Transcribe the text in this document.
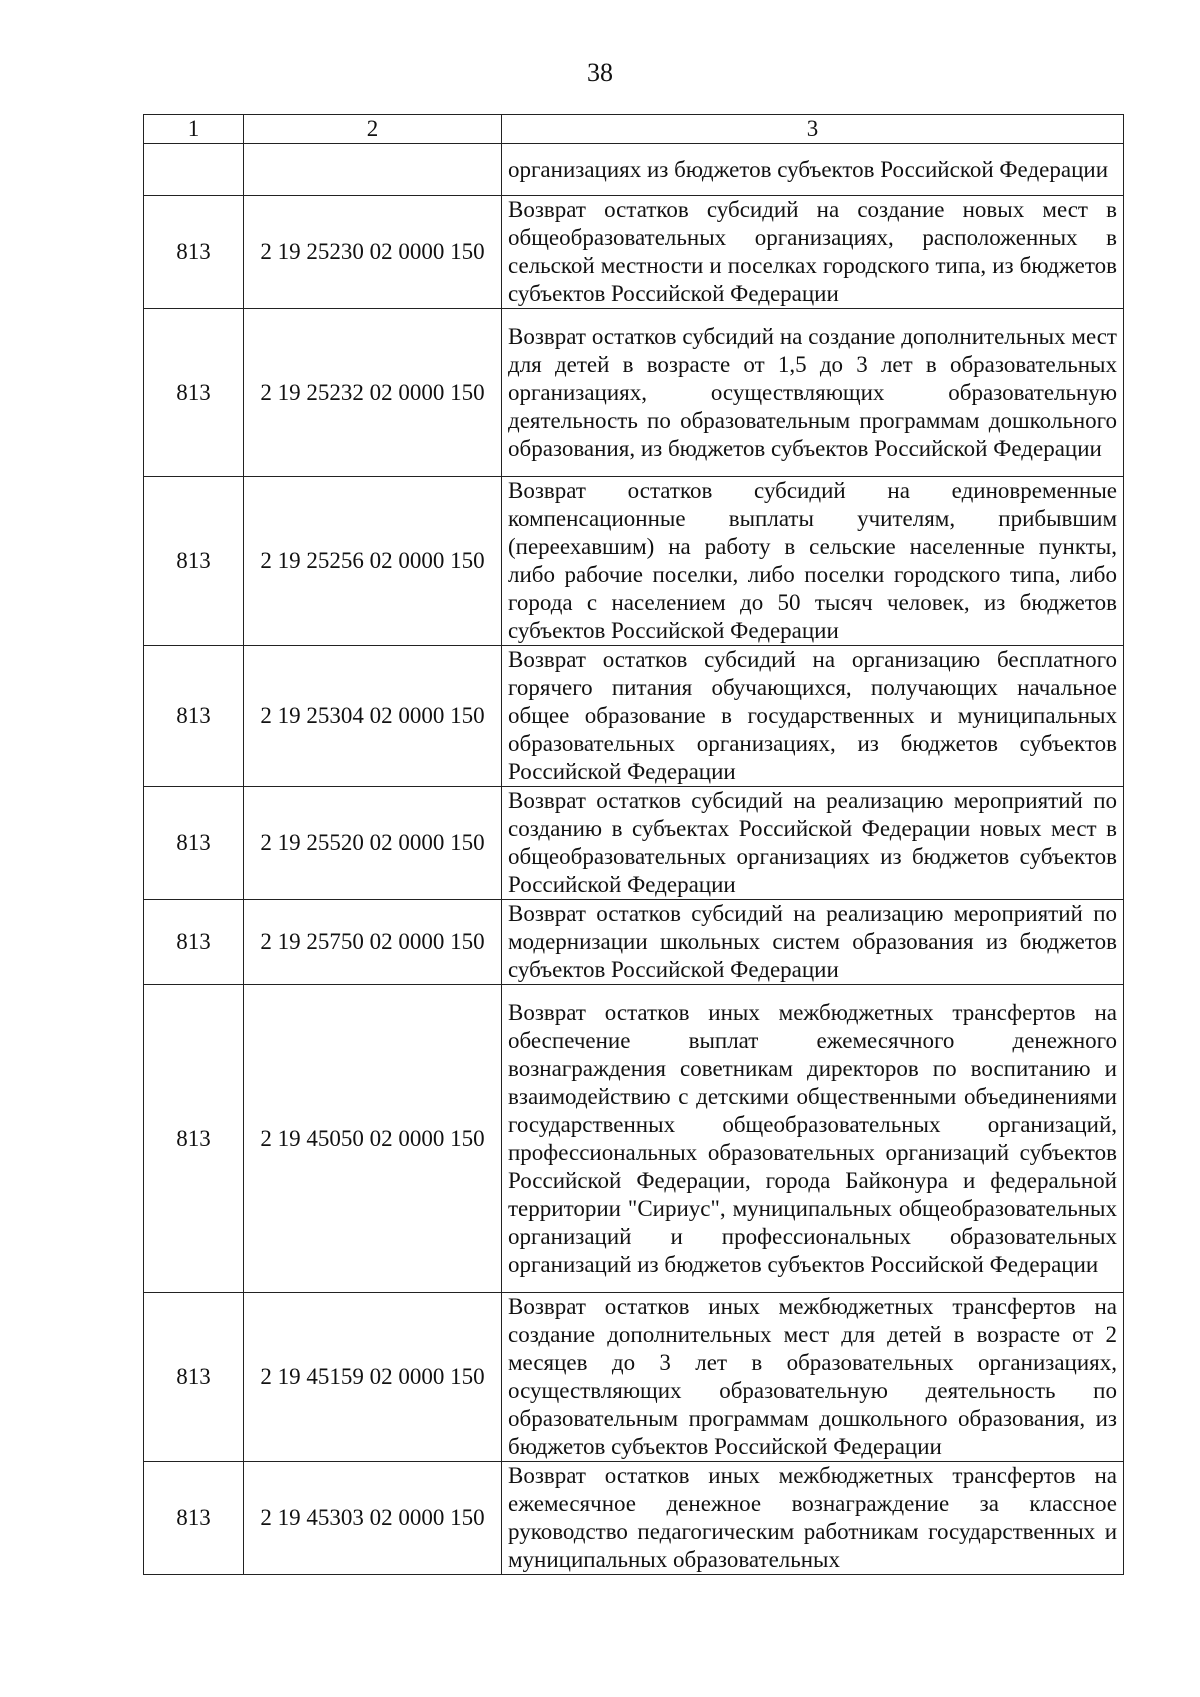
38
1	2	3
		организациях из бюджетов субъектов Российской Федерации
813	2 19 25230 02 0000 150	Возврат остатков субсидий на создание новых мест в общеобразовательных организациях, расположенных в сельской местности и поселках городского типа, из бюджетов субъектов Российской Федерации
813	2 19 25232 02 0000 150	Возврат остатков субсидий на создание дополнительных мест для детей в возрасте от 1,5 до 3 лет в образовательных организациях, осуществляющих образовательную деятельность по образовательным программам дошкольного образования, из бюджетов субъектов Российской Федерации
813	2 19 25256 02 0000 150	Возврат остатков субсидий на единовременные компенсационные выплаты учителям, прибывшим (переехавшим) на работу в сельские населенные пункты, либо рабочие поселки, либо поселки городского типа, либо города с населением до 50 тысяч человек, из бюджетов субъектов Российской Федерации
813	2 19 25304 02 0000 150	Возврат остатков субсидий на организацию бесплатного горячего питания обучающихся, получающих начальное общее образование в государственных и муниципальных образовательных организациях, из бюджетов субъектов Российской Федерации
813	2 19 25520 02 0000 150	Возврат остатков субсидий на реализацию мероприятий по созданию в субъектах Российской Федерации новых мест в общеобразовательных организациях из бюджетов субъектов Российской Федерации
813	2 19 25750 02 0000 150	Возврат остатков субсидий на реализацию мероприятий по модернизации школьных систем образования из бюджетов субъектов Российской Федерации
813	2 19 45050 02 0000 150	Возврат остатков иных межбюджетных трансфертов на обеспечение выплат ежемесячного денежного вознаграждения советникам директоров по воспитанию и взаимодействию с детскими общественными объединениями государственных общеобразовательных организаций, профессиональных образовательных организаций субъектов Российской Федерации, города Байконура и федеральной территории "Сириус", муниципальных общеобразовательных организаций и профессиональных образовательных организаций из бюджетов субъектов Российской Федерации
813	2 19 45159 02 0000 150	Возврат остатков иных межбюджетных трансфертов на создание дополнительных мест для детей в возрасте от 2 месяцев до 3 лет в образовательных организациях, осуществляющих образовательную деятельность по образовательным программам дошкольного образования, из бюджетов субъектов Российской Федерации
813	2 19 45303 02 0000 150	Возврат остатков иных межбюджетных трансфертов на ежемесячное денежное вознаграждение за классное руководство педагогическим работникам государственных и муниципальных образовательных
